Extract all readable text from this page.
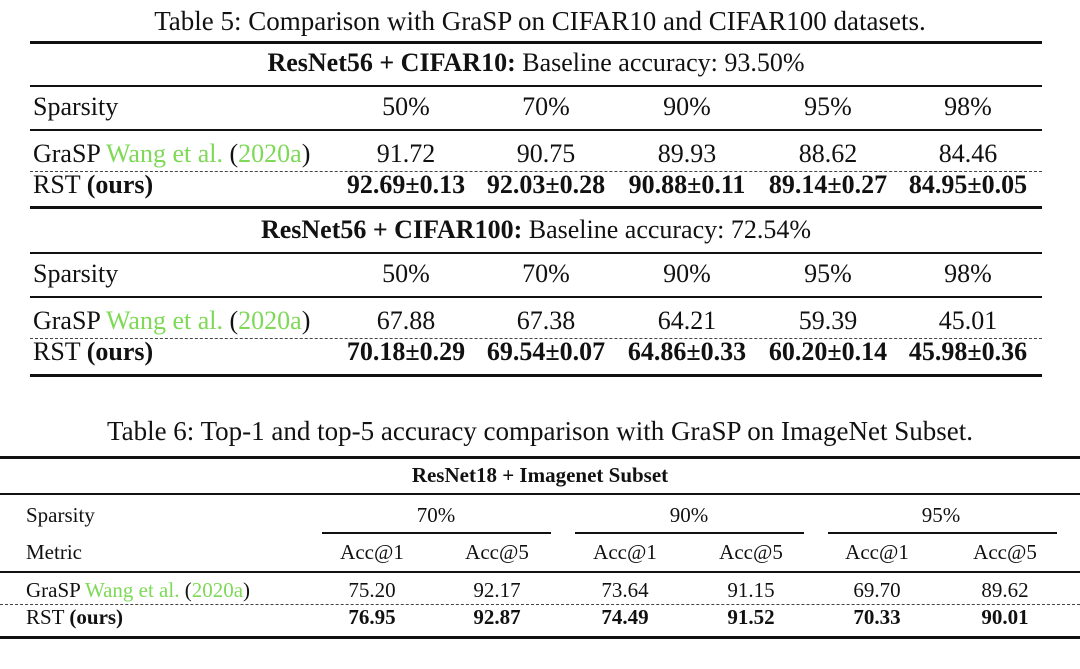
Table 5: Comparison with GraSP on CIFAR10 and CIFAR100 datasets.
ResNet56 + CIFAR10: Baseline accuracy: 93.50%
Sparsity	50%	70%	90%	95%	98%
GraSP Wang et al. (2020a)	91.72	90.75	89.93	88.62	84.46
RST (ours)	92.69±0.13 92.03±0.28 90.88±0.11 89.14±0.27 84.95±0.05
ResNet56 + CIFAR100: Baseline accuracy: 72.54%
Sparsity	50%	70%	90%	95%	98%
GraSP Wang et al. (2020a)	67.88	67.38	64.21	59.39	45.01
RST (ours)	70.18±0.29 69.54±0.07 64.86±0.33 60.20±0.14 45.98±0.36
Table 6: Top-1 and top-5 accuracy comparison with GraSP on ImageNet Subset.
ResNet18 + Imagenet Subset
Sparsity	70%	90%	95%
Metric	Acc@1	Acc@5	Acc@1	Acc@5	Acc@1	Acc@5
GraSP Wang et al. (2020a)	75.20	92.17	73.64	91.15	69.70	89.62
RST (ours)	76.95	92.87	74.49	91.52	70.33	90.01
